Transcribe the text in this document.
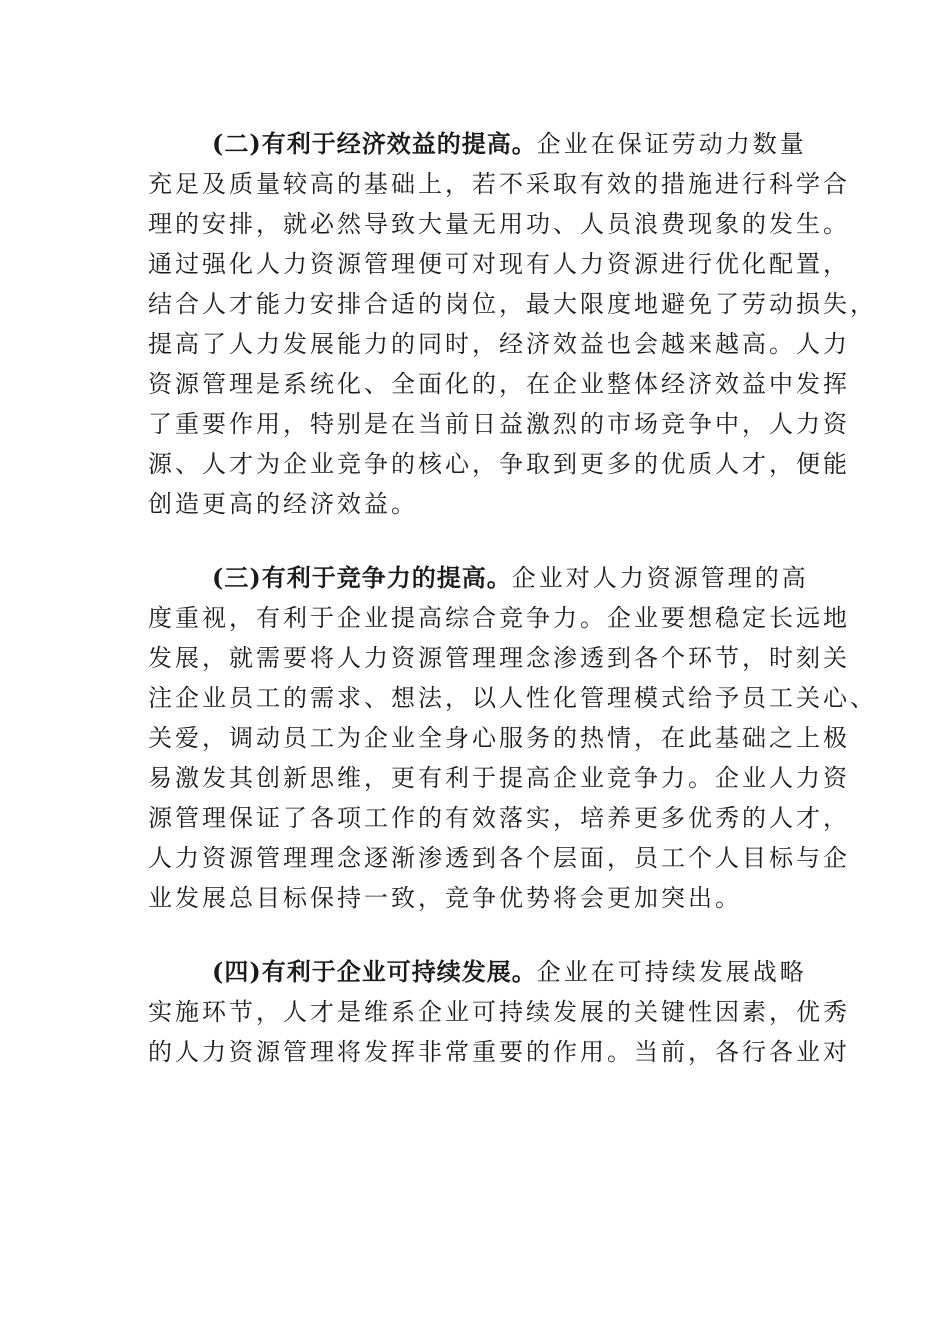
(二)有利于经济效益的提高。企业在保证劳动力数量
充足及质量较高的基础上，若不采取有效的措施进行科学合
理的安排，就必然导致大量无用功、人员浪费现象的发生。
通过强化人力资源管理便可对现有人力资源进行优化配置，
结合人才能力安排合适的岗位，最大限度地避免了劳动损失，
提高了人力发展能力的同时，经济效益也会越来越高。人力
资源管理是系统化、全面化的，在企业整体经济效益中发挥
了重要作用，特别是在当前日益激烈的市场竞争中，人力资
源、人才为企业竞争的核心，争取到更多的优质人才，便能
创造更高的经济效益。
(三)有利于竞争力的提高。企业对人力资源管理的高
度重视，有利于企业提高综合竞争力。企业要想稳定长远地
发展，就需要将人力资源管理理念渗透到各个环节，时刻关
注企业员工的需求、想法，以人性化管理模式给予员工关心、
关爱，调动员工为企业全身心服务的热情，在此基础之上极
易激发其创新思维，更有利于提高企业竞争力。企业人力资
源管理保证了各项工作的有效落实，培养更多优秀的人才，
人力资源管理理念逐渐渗透到各个层面，员工个人目标与企
业发展总目标保持一致，竞争优势将会更加突出。
(四)有利于企业可持续发展。企业在可持续发展战略
实施环节，人才是维系企业可持续发展的关键性因素，优秀
的人力资源管理将发挥非常重要的作用。当前，各行各业对
